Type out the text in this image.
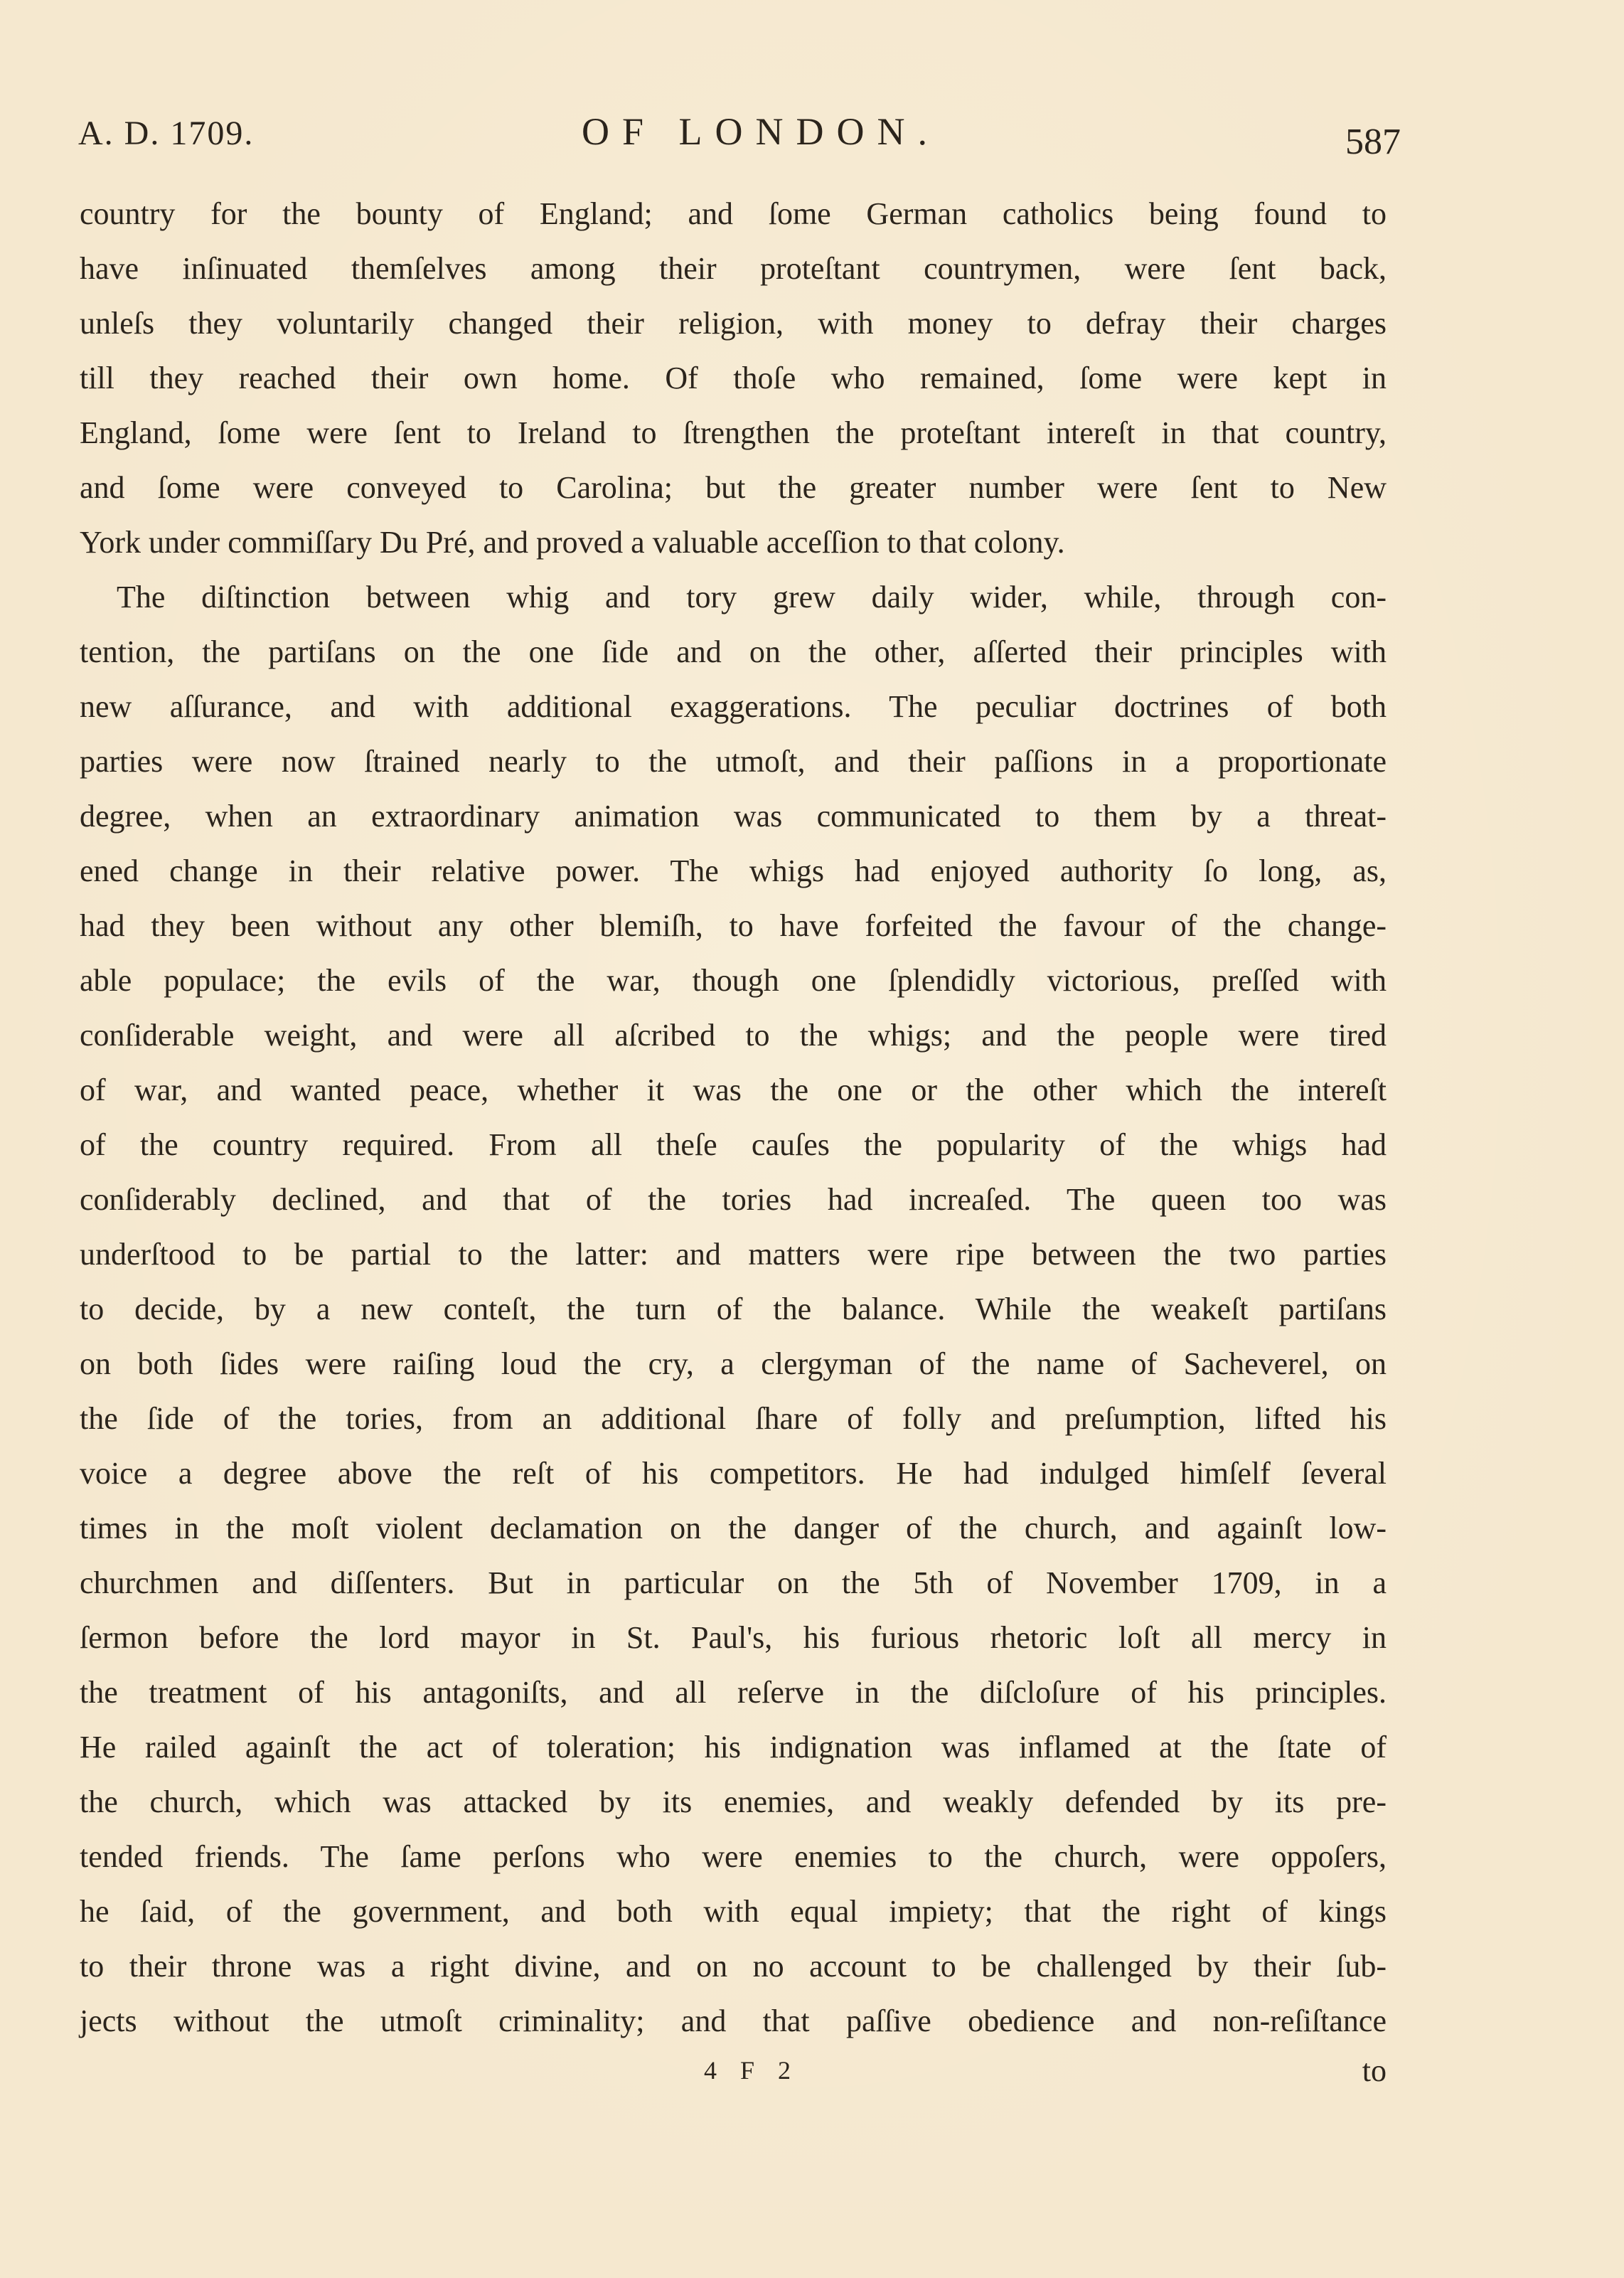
A. D. 1709.	OF LONDON.	587
country for the bounty of England; and ſome German catholics being found to
have inſinuated themſelves among their proteſtant countrymen, were ſent back,
unleſs they voluntarily changed their religion, with money to defray their charges
till they reached their own home. Of thoſe who remained, ſome were kept in
England, ſome were ſent to Ireland to ſtrengthen the proteſtant intereſt in that country,
and ſome were conveyed to Carolina; but the greater number were ſent to New
York under commiſſary Du Pré, and proved a valuable acceſſion to that colony.
The diſtinction between whig and tory grew daily wider, while, through con-
tention, the partiſans on the one ſide and on the other, aſſerted their principles with
new aſſurance, and with additional exaggerations. The peculiar doctrines of both
parties were now ſtrained nearly to the utmoſt, and their paſſions in a proportionate
degree, when an extraordinary animation was communicated to them by a threat-
ened change in their relative power. The whigs had enjoyed authority ſo long, as,
had they been without any other blemiſh, to have forfeited the favour of the change-
able populace; the evils of the war, though one ſplendidly victorious, preſſed with
conſiderable weight, and were all aſcribed to the whigs; and the people were tired
of war, and wanted peace, whether it was the one or the other which the intereſt
of the country required. From all theſe cauſes the popularity of the whigs had
conſiderably declined, and that of the tories had increaſed. The queen too was
underſtood to be partial to the latter: and matters were ripe between the two parties
to decide, by a new conteſt, the turn of the balance. While the weakeſt partiſans
on both ſides were raiſing loud the cry, a clergyman of the name of Sacheverel, on
the ſide of the tories, from an additional ſhare of folly and preſumption, lifted his
voice a degree above the reſt of his competitors. He had indulged himſelf ſeveral
times in the moſt violent declamation on the danger of the church, and againſt low-
churchmen and diſſenters. But in particular on the 5th of November 1709, in a
ſermon before the lord mayor in St. Paul's, his furious rhetoric loſt all mercy in
the treatment of his antagoniſts, and all reſerve in the diſcloſure of his principles.
He railed againſt the act of toleration; his indignation was inflamed at the ſtate of
the church, which was attacked by its enemies, and weakly defended by its pre-
tended friends. The ſame perſons who were enemies to the church, were oppoſers,
he ſaid, of the government, and both with equal impiety; that the right of kings
to their throne was a right divine, and on no account to be challenged by their ſub-
jects without the utmoſt criminality; and that paſſive obedience and non-reſiſtance
4 F 2	to
